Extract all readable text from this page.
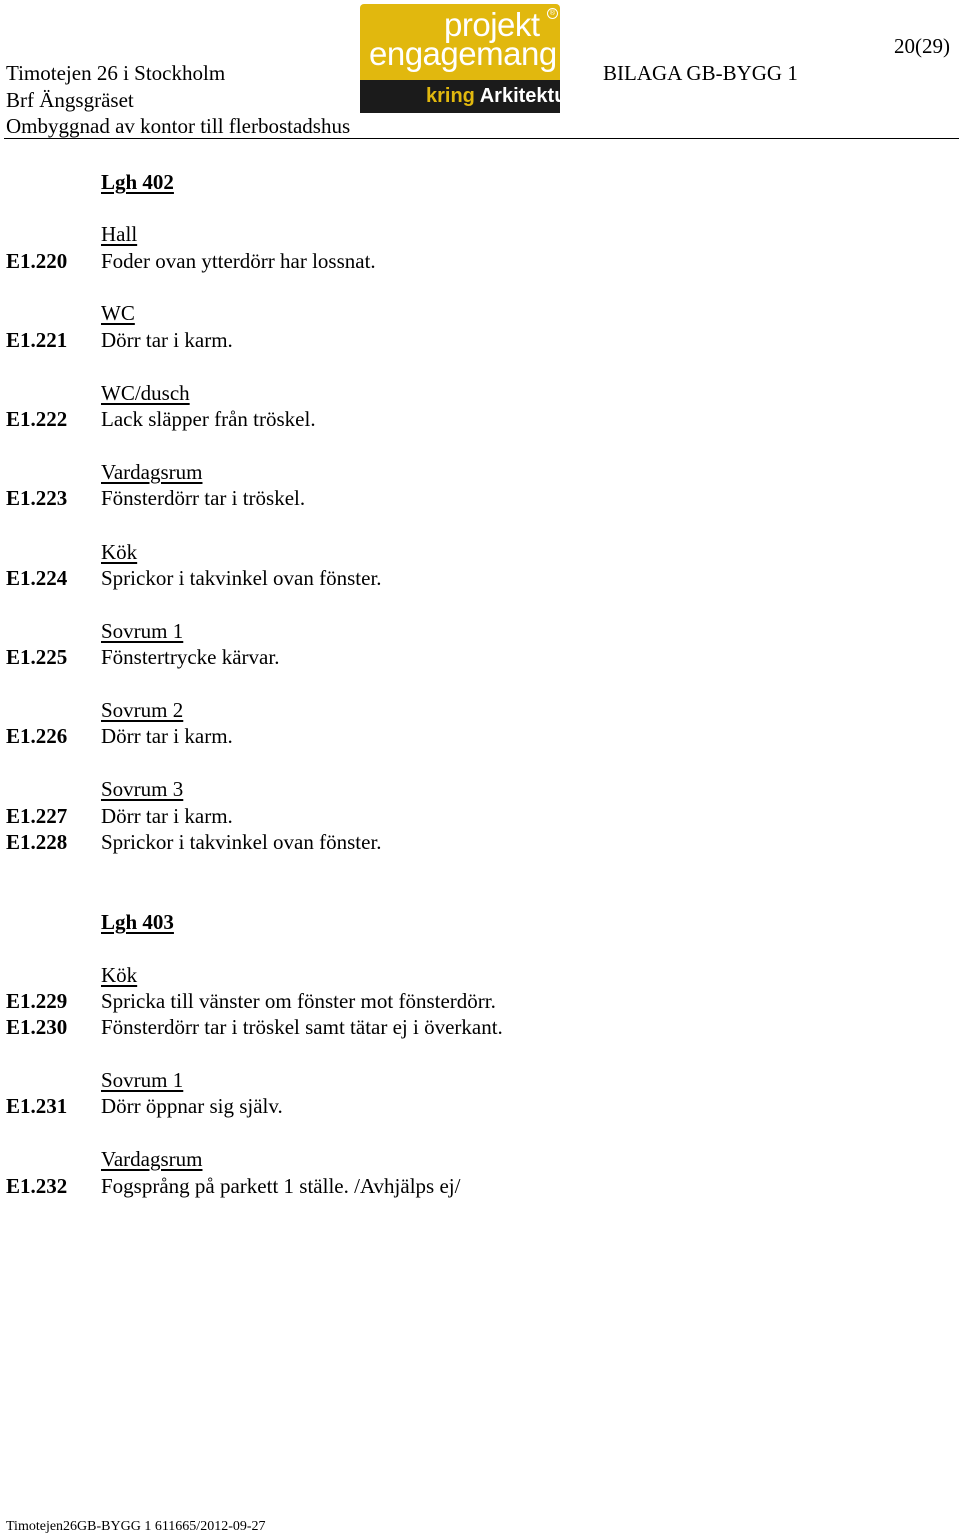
Timotejen 26 i Stockholm
Brf Ängsgräset
Ombyggnad av kontor till flerbostadshus
BILAGA GB-BYGG 1
20(29)
projekt	®
engagemang
kring Arkitektur
Lgh 402
Hall
E1.220 Foder ovan ytterdörr har lossnat.
WC
E1.221 Dörr tar i karm.
WC/dusch
E1.222 Lack släpper från tröskel.
Vardagsrum
E1.223 Fönsterdörr tar i tröskel.
Kök
E1.224 Sprickor i takvinkel ovan fönster.
Sovrum 1
E1.225 Fönstertrycke kärvar.
Sovrum 2
E1.226 Dörr tar i karm.
Sovrum 3
E1.227 Dörr tar i karm.
E1.228 Sprickor i takvinkel ovan fönster.
Lgh 403
Kök
E1.229 Spricka till vänster om fönster mot fönsterdörr.
E1.230 Fönsterdörr tar i tröskel samt tätar ej i överkant.
Sovrum 1
E1.231 Dörr öppnar sig själv.
Vardagsrum
E1.232 Fogsprång på parkett 1 ställe. /Avhjälps ej/
Timotejen26GB-BYGG 1 611665/2012-09-27
